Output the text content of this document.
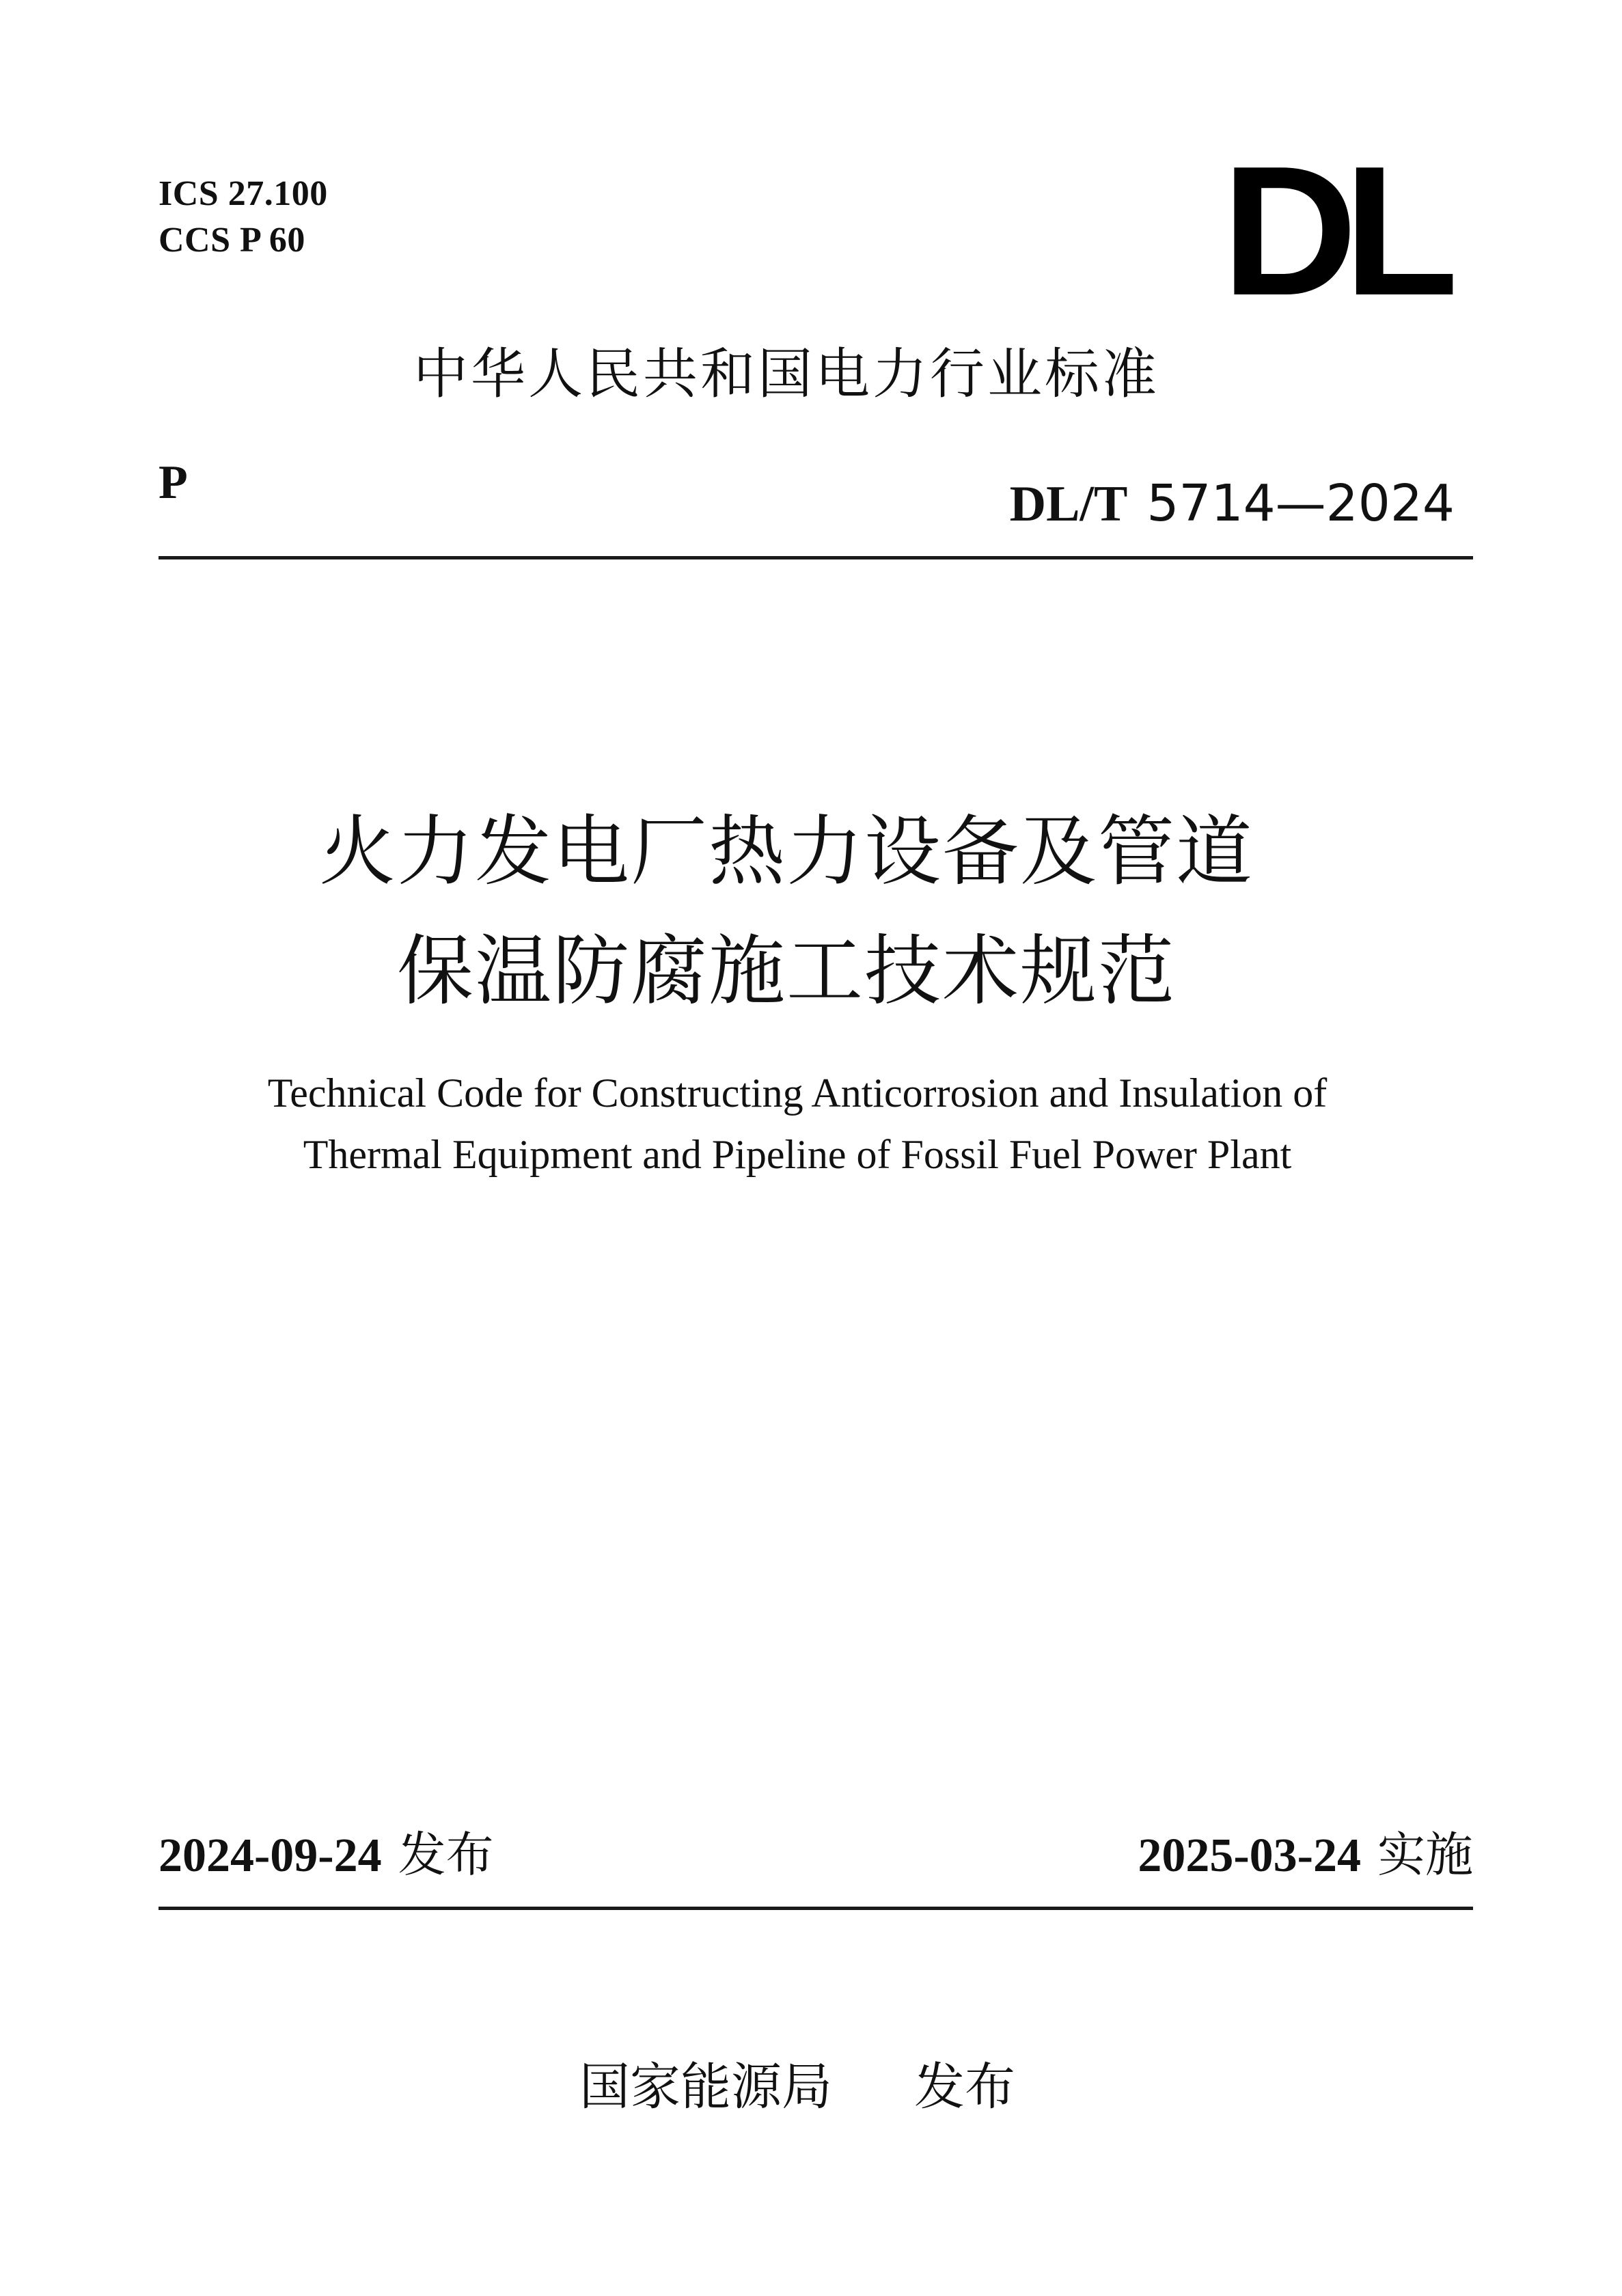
ICS 27.100
CCS P 60	DL
中华人民共和国电力行业标准
P	DL/T 5714—2024
火力发电厂热力设备及管道
保温防腐施工技术规范
Technical Code for Constructing Anticorrosion and Insulation of
Thermal Equipment and Pipeline of Fossil Fuel Power Plant
2024-09-24 发布	2025-03-24 实施
国家能源局 发布
